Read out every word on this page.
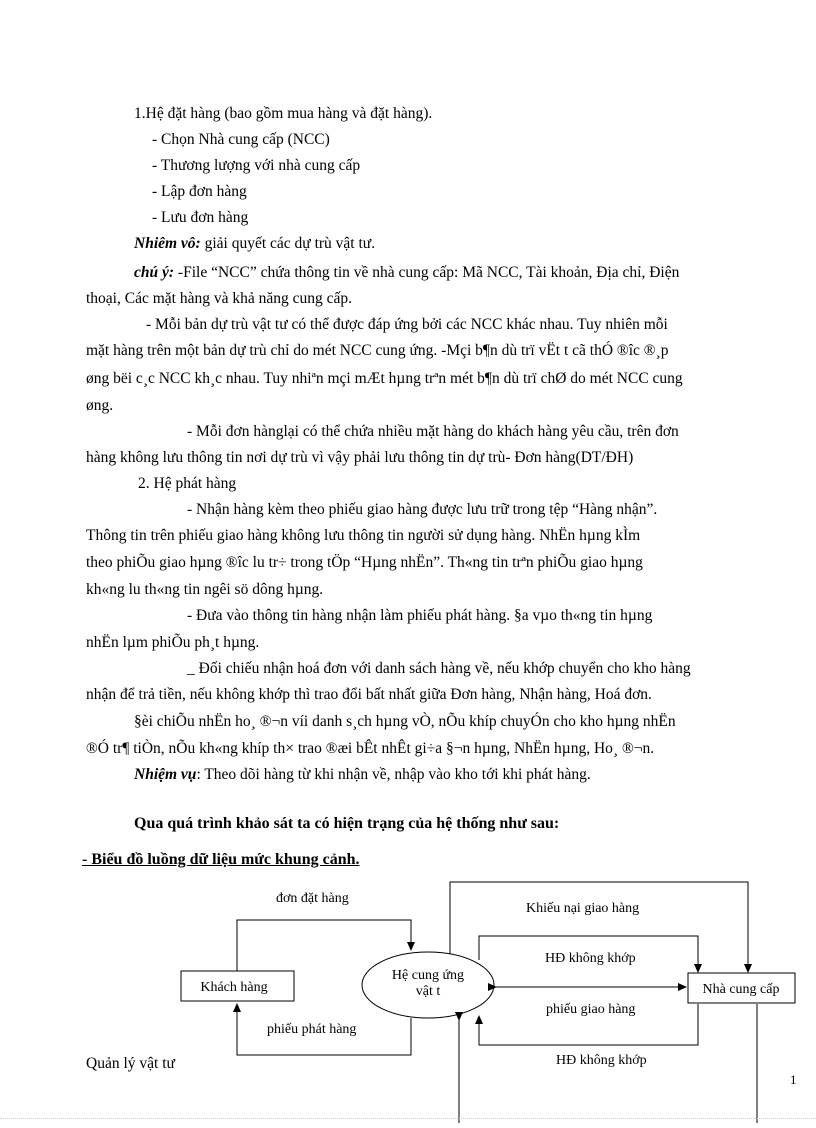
1.Hệ đặt hàng (bao gồm mua hàng và đặt hàng).
- Chọn Nhà cung cấp (NCC)
- Thương lượng với nhà cung cấp
- Lập đơn hàng
- Lưu đơn hàng
Nhiêm vô: giải quyết các dự trù vật tư.
chú ý: -File “NCC” chứa thông tin về nhà cung cấp: Mã NCC, Tài khoản, Địa chỉ, Điện
thoại, Các mặt hàng và khả năng cung cấp.
- Mỗi bản dự trù vật tư có thể được đáp ứng bởi các NCC khác nhau. Tuy nhiên mỗi
mặt hàng trên một bản dự trù chỉ do mét NCC cung ứng. -Mçi b¶n dù trï vËt t cã thÓ ®îc ®¸p
øng bëi c¸c NCC kh¸c nhau. Tuy nhiªn mçi mÆt hµng trªn mét b¶n dù trï chØ do mét NCC cung
øng.
- Mỗi đơn hànglại có thể chứa nhiều mặt hàng do khách hàng yêu cầu, trên đơn
hàng không lưu thông tin nơi dự trù vì vậy phải lưu thông tin dự trù- Đơn hàng(DT/ĐH)
2. Hệ phát hàng
- Nhận hàng kèm theo phiếu giao hàng được lưu trữ trong tệp “Hàng nhận”.
Thông tin trên phiếu giao hàng không lưu thông tin người sử dụng hàng. NhËn hµng kÌm
theo phiÕu giao hµng ®îc lu tr÷ trong tÖp “Hµng nhËn”. Th«ng tin trªn phiÕu giao hµng
kh«ng lu th«ng tin ngêi sö dông hµng.
- Đưa vào thông tin hàng nhận làm phiếu phát hàng. §a vµo th«ng tin hµng
nhËn lµm phiÕu ph¸t hµng.
_ Đối chiếu nhận hoá đơn với danh sách hàng về, nếu khớp chuyển cho kho hàng
nhận để trả tiền, nếu không khớp thì trao đổi bất nhất giữa Đơn hàng, Nhận hàng, Hoá đơn.
§èi chiÕu nhËn ho¸ ®¬n víi danh s¸ch hµng vÒ, nÕu khíp chuyÓn cho kho hµng nhËn
®Ó tr¶ tiÒn, nÕu kh«ng khíp th× trao ®æi bÊt nhÊt gi÷a §¬n hµng, NhËn hµng, Ho¸ ®¬n.
Nhiệm vụ: Theo dõi hàng từ khi nhận về, nhập vào kho tới khi phát hàng.
Qua quá trình khảo sát ta có hiện trạng của hệ thống như sau:
- Biểu đồ luồng dữ liệu mức khung cảnh.
Khách hàng
Hệ cung ứng
vật t	Nhà cung cấp
đơn đặt hàng
phiếu phát hàng
Khiếu nại giao hàng
HĐ không khớp
phiếu giao hàng
HĐ không khớp
Quản lý vật tư
1
